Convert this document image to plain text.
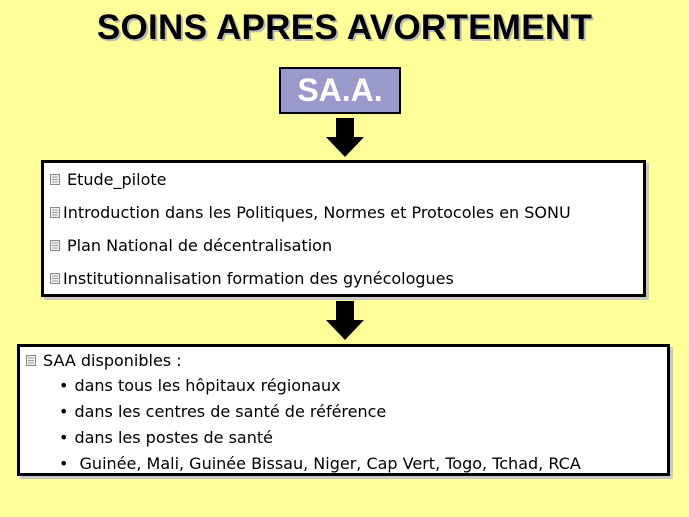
SOINS APRES AVORTEMENT
SA.A.
Etude_pilote
Introduction dans les Politiques, Normes et Protocoles en SONU
Plan National de décentralisation
Institutionnalisation formation des gynécologues
SAA disponibles :
• dans tous les hôpitaux régionaux
• dans les centres de santé de référence
• dans les postes de santé
• Guinée, Mali, Guinée Bissau, Niger, Cap Vert, Togo, Tchad, RCA
